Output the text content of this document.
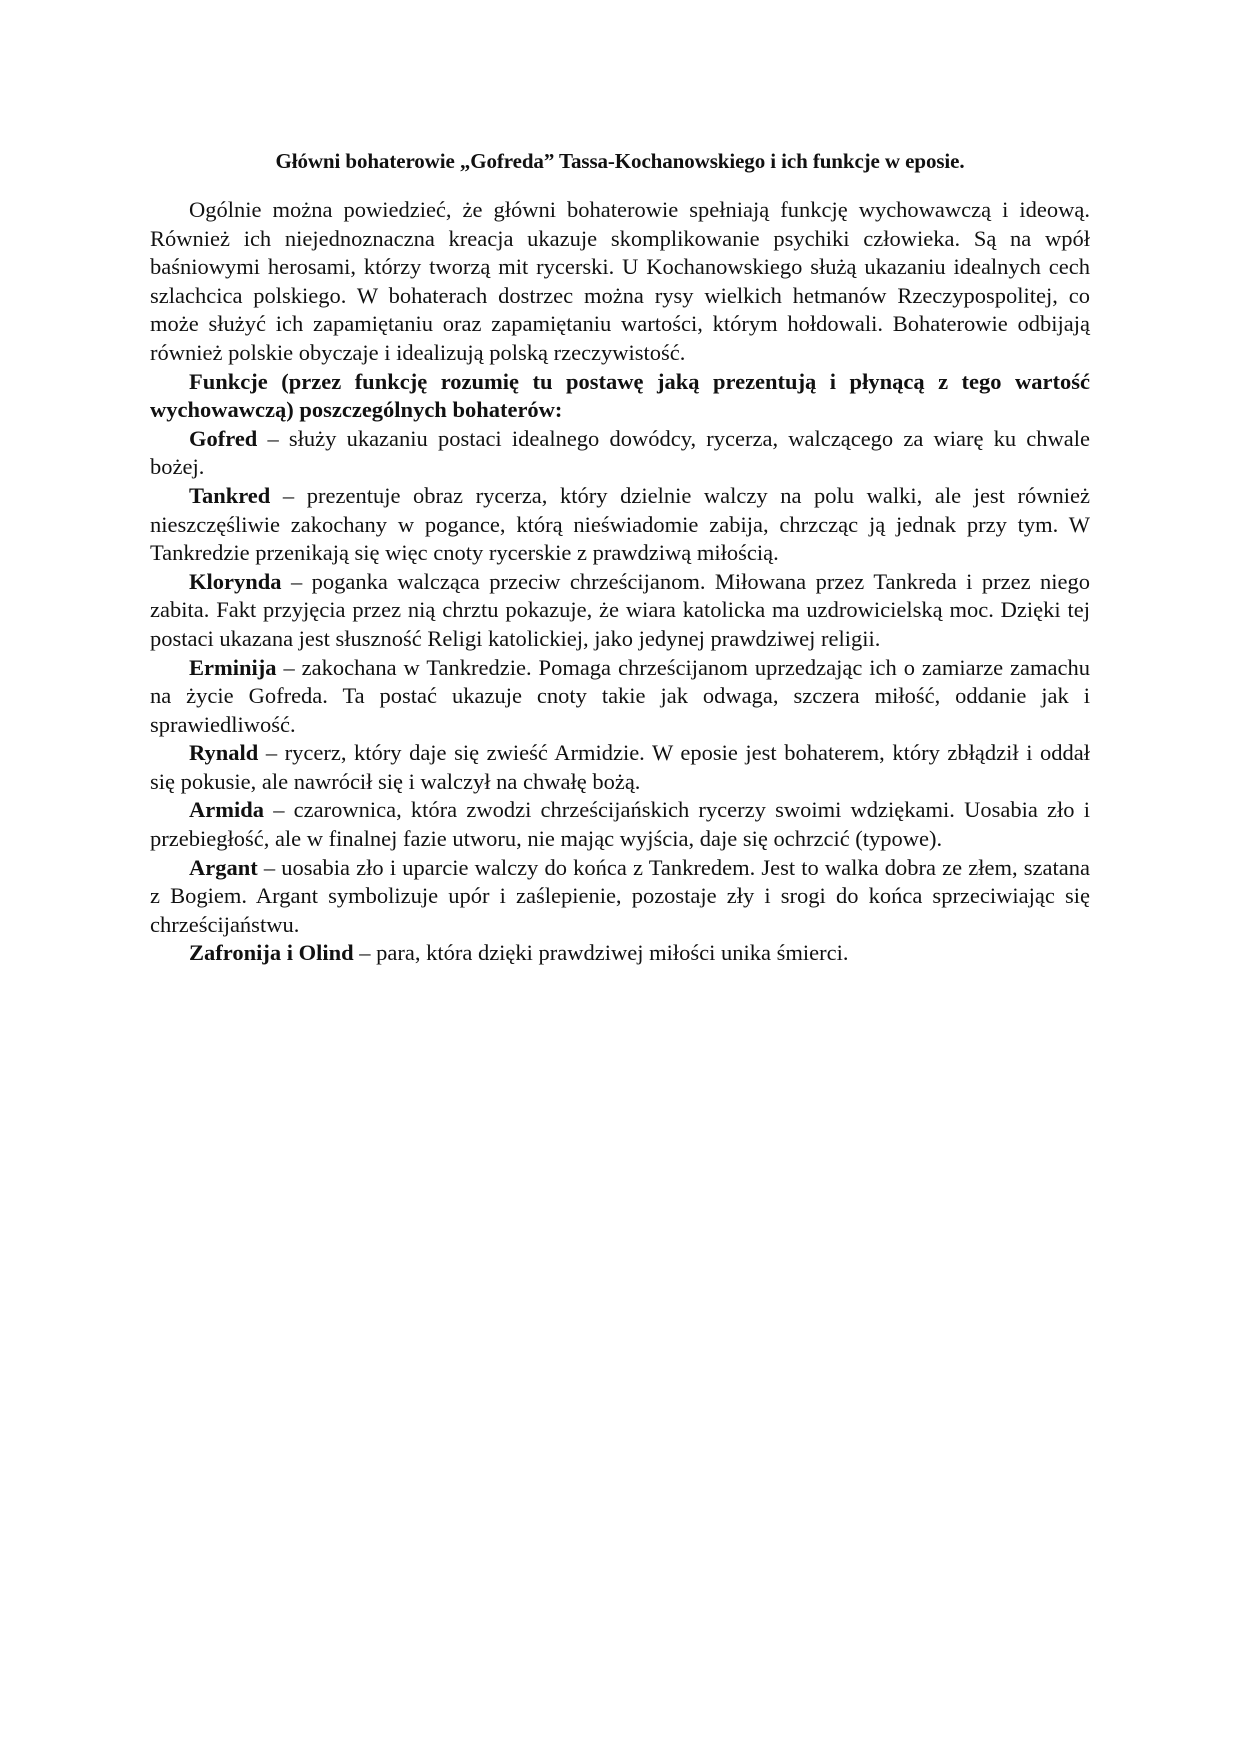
Główni bohaterowie „Gofreda” Tassa-Kochanowskiego i ich funkcje w eposie.

Ogólnie można powiedzieć, że główni bohaterowie spełniają funkcję wychowawczą i ideową. Również ich niejednoznaczna kreacja ukazuje skomplikowanie psychiki człowieka. Są na wpół baśniowymi herosami, którzy tworzą mit rycerski. U Kochanowskiego służą ukazaniu idealnych cech szlachcica polskiego. W bohaterach dostrzec można rysy wielkich hetmanów Rzeczypospolitej, co może służyć ich zapamiętaniu oraz zapamiętaniu wartości, którym hołdowali. Bohaterowie odbijają również polskie obyczaje i idealizują polską rzeczywistość.

Funkcje (przez funkcję rozumię tu postawę jaką prezentują i płynącą z tego wartość wychowawczą) poszczególnych bohaterów:

Gofred – służy ukazaniu postaci idealnego dowódcy, rycerza, walczącego za wiarę ku chwale bożej.

Tankred – prezentuje obraz rycerza, który dzielnie walczy na polu walki, ale jest również nieszczęśliwie zakochany w pogance, którą nieświadomie zabija, chrzcząc ją jednak przy tym. W Tankredzie przenikają się więc cnoty rycerskie z prawdziwą miłością.

Klorynda – poganka walcząca przeciw chrześcijanom. Miłowana przez Tankreda i przez niego zabita. Fakt przyjęcia przez nią chrztu pokazuje, że wiara katolicka ma uzdrowicielską moc. Dzięki tej postaci ukazana jest słuszność Religi katolickiej, jako jedynej prawdziwej religii.

Erminija – zakochana w Tankredzie. Pomaga chrześcijanom uprzedzając ich o zamiarze zamachu na życie Gofreda. Ta postać ukazuje cnoty takie jak odwaga, szczera miłość, oddanie jak i sprawiedliwość.

Rynald – rycerz, który daje się zwieść Armidzie. W eposie jest bohaterem, który zbłądził i oddał się pokusie, ale nawrócił się i walczył na chwałę bożą.

Armida – czarownica, która zwodzi chrześcijańskich rycerzy swoimi wdziękami. Uosabia zło i przebiegłość, ale w finalnej fazie utworu, nie mając wyjścia, daje się ochrzcić (typowe).

Argant – uosabia zło i uparcie walczy do końca z Tankredem. Jest to walka dobra ze złem, szatana z Bogiem. Argant symbolizuje upór i zaślepienie, pozostaje zły i srogi do końca sprzeciwiając się chrześcijaństwu.

Zafronija i Olind – para, która dzięki prawdziwej miłości unika śmierci.
